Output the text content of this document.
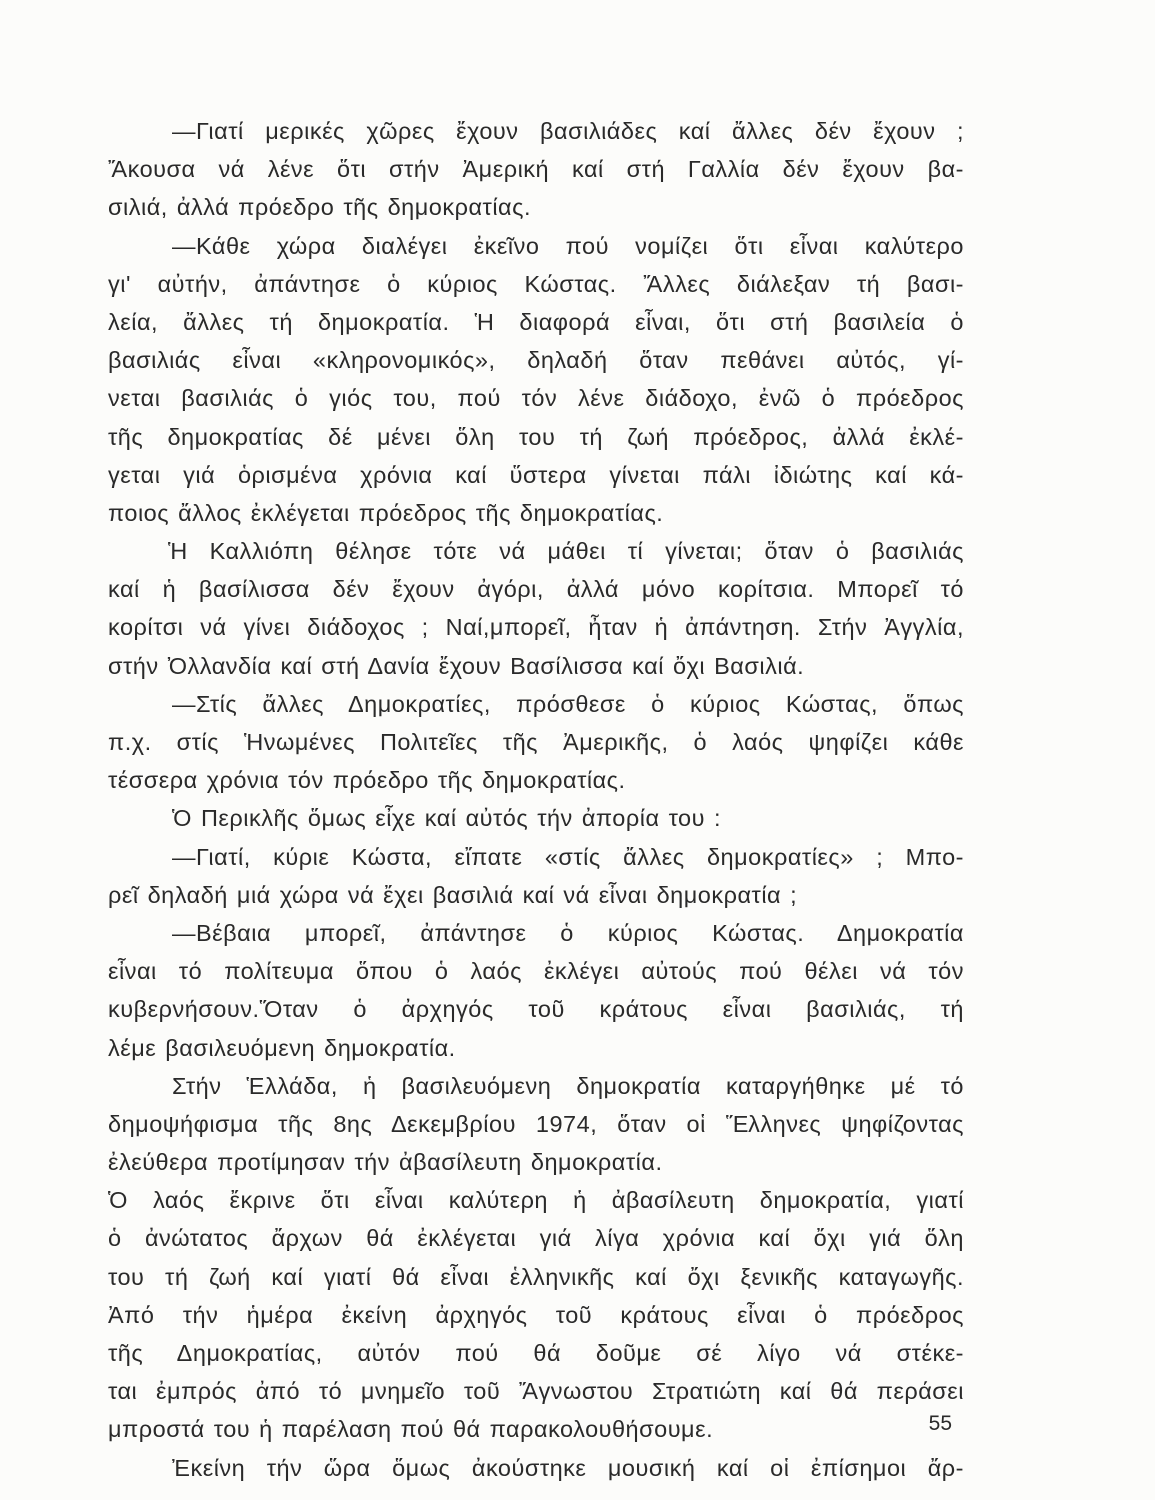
—Γιατί μερικές χῶρες ἔχουν βασιλιάδες καί ἄλλες δέν ἔχουν ;
Ἄκουσα νά λένε ὅτι στήν Ἀμερική καί στή Γαλλία δέν ἔχουν βα-
σιλιά, ἀλλά πρόεδρο τῆς δημοκρατίας.
—Κάθε χώρα διαλέγει ἐκεῖνο πού νομίζει ὅτι εἶναι καλύτερο
γι' αὐτήν, ἀπάντησε ὁ κύριος Κώστας. Ἄλλες διάλεξαν τή βασι-
λεία, ἄλλες τή δημοκρατία. Ἡ διαφορά εἶναι, ὅτι στή βασιλεία ὁ
βασιλιάς εἶναι «κληρονομικός», δηλαδή ὅταν πεθάνει αὐτός, γί-
νεται βασιλιάς ὁ γιός του, πού τόν λένε διάδοχο, ἐνῶ ὁ πρόεδρος
τῆς δημοκρατίας δέ μένει ὅλη του τή ζωή πρόεδρος, ἀλλά ἐκλέ-
γεται γιά ὁρισμένα χρόνια καί ὕστερα γίνεται πάλι ἰδιώτης καί κά-
ποιος ἄλλος ἐκλέγεται πρόεδρος τῆς δημοκρατίας.
Ἡ Καλλιόπη θέλησε τότε νά μάθει τί γίνεται; ὅταν ὁ βασιλιάς
καί ἡ βασίλισσα δέν ἔχουν ἀγόρι, ἀλλά μόνο κορίτσια. Μπορεῖ τό
κορίτσι νά γίνει διάδοχος ; Ναί,μπορεῖ, ἦταν ἡ ἀπάντηση. Στήν Ἀγγλία,
στήν Ὀλλανδία καί στή Δανία ἔχουν Βασίλισσα καί ὄχι Βασιλιά.
—Στίς ἄλλες Δημοκρατίες, πρόσθεσε ὁ κύριος Κώστας, ὅπως
π.χ. στίς Ἡνωμένες Πολιτεῖες τῆς Ἀμερικῆς, ὁ λαός ψηφίζει κάθε
τέσσερα χρόνια τόν πρόεδρο τῆς δημοκρατίας.
Ὁ Περικλῆς ὅμως εἶχε καί αὐτός τήν ἀπορία του :
—Γιατί, κύριε Κώστα, εἴπατε «στίς ἄλλες δημοκρατίες» ; Μπο-
ρεῖ δηλαδή μιά χώρα νά ἔχει βασιλιά καί νά εἶναι δημοκρατία ;
—Βέβαια μπορεῖ, ἀπάντησε ὁ κύριος Κώστας. Δημοκρατία
εἶναι τό πολίτευμα ὅπου ὁ λαός ἐκλέγει αὐτούς πού θέλει νά τόν
κυβερνήσουν.Ὅταν ὁ ἀρχηγός τοῦ κράτους εἶναι βασιλιάς, τή
λέμε βασιλευόμενη δημοκρατία.
Στήν Ἑλλάδα, ἡ βασιλευόμενη δημοκρατία καταργήθηκε μέ τό
δημοψήφισμα τῆς 8ης Δεκεμβρίου 1974, ὅταν οἱ Ἕλληνες ψηφίζοντας
ἐλεύθερα προτίμησαν τήν ἀβασίλευτη δημοκρατία.
Ὁ λαός ἔκρινε ὅτι εἶναι καλύτερη ἡ ἀβασίλευτη δημοκρατία, γιατί
ὁ ἀνώτατος ἄρχων θά ἐκλέγεται γιά λίγα χρόνια καί ὄχι γιά ὅλη
του τή ζωή καί γιατί θά εἶναι ἑλληνικῆς καί ὄχι ξενικῆς καταγωγῆς.
Ἀπό τήν ἡμέρα ἐκείνη ἀρχηγός τοῦ κράτους εἶναι ὁ πρόεδρος
τῆς Δημοκρατίας, αὐτόν πού θά δοῦμε σέ λίγο νά στέκε-
ται ἐμπρός ἀπό τό μνημεῖο τοῦ Ἄγνωστου Στρατιώτη καί θά περάσει
μπροστά του ἡ παρέλαση πού θά παρακολουθήσουμε.
Ἐκείνη τήν ὥρα ὅμως ἀκούστηκε μουσική καί οἱ ἐπίσημοι ἄρ-
55
